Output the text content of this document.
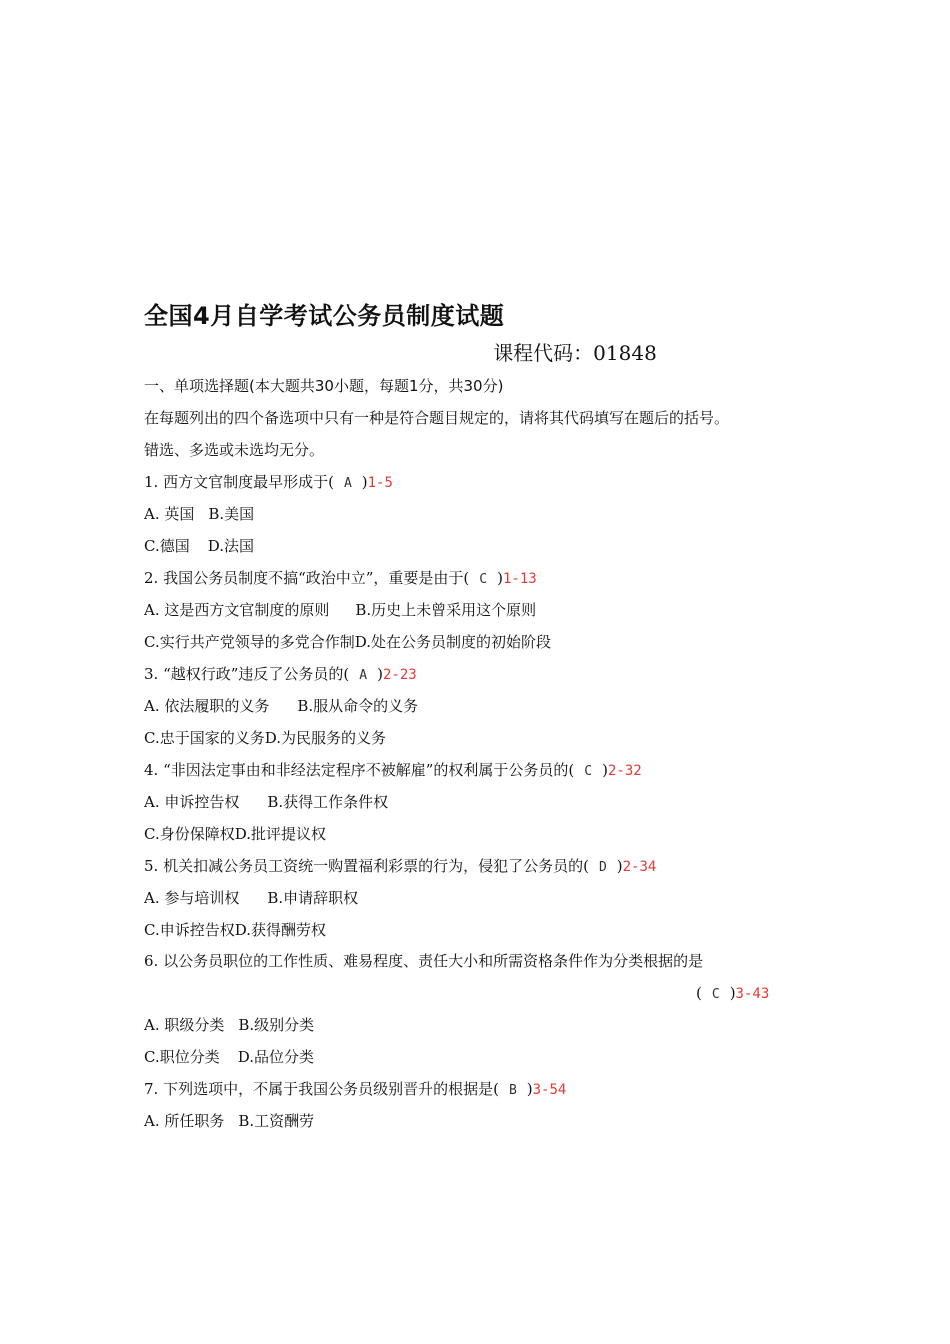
全国4月自学考试公务员制度试题
课程代码：01848
一、单项选择题(本大题共30小题，每题1分，共30分)
在每题列出的四个备选项中只有一种是符合题目规定的，请将其代码填写在题后的括号。
错选、多选或未选均无分。
1. 西方文官制度最早形成于( A )1-5
A. 英国 B.美国
C.德国 D.法国
2. 我国公务员制度不搞“政治中立”，重要是由于( C )1-13
A. 这是西方文官制度的原则 B.历史上未曾采用这个原则
C.实行共产党领导的多党合作制D.处在公务员制度的初始阶段
3. “越权行政”违反了公务员的( A )2-23
A. 依法履职的义务 B.服从命令的义务
C.忠于国家的义务D.为民服务的义务
4. “非因法定事由和非经法定程序不被解雇”的权利属于公务员的( C )2-32
A. 申诉控告权 B.获得工作条件权
C.身份保障权D.批评提议权
5. 机关扣减公务员工资统一购置福利彩票的行为，侵犯了公务员的( D )2-34
A. 参与培训权 B.申请辞职权
C.申诉控告权D.获得酬劳权
6. 以公务员职位的工作性质、难易程度、责任大小和所需资格条件作为分类根据的是
( C )3-43
A. 职级分类 B.级别分类
C.职位分类 D.品位分类
7. 下列选项中，不属于我国公务员级别晋升的根据是( B )3-54
A. 所任职务 B.工资酬劳
